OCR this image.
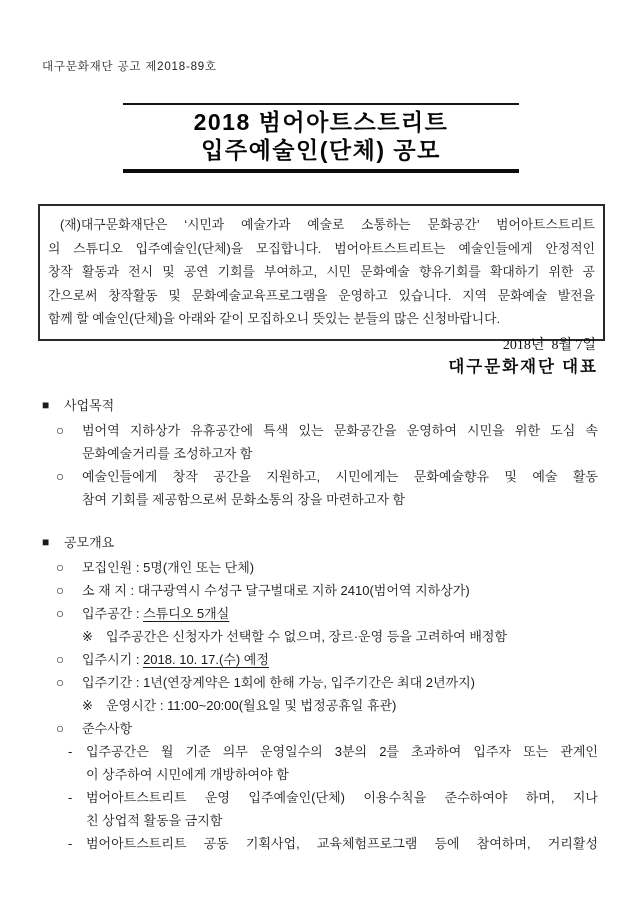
대구문화재단 공고 제2018-89호
2018 범어아트스트리트
입주예술인(단체) 공모
(재)대구문화재단은 ‘시민과 예술가과 예술로 소통하는 문화공간’ 범어아트스트리트
의 스튜디오 입주예술인(단체)을 모집합니다. 범어아트스트리트는 예술인들에게 안정적인
창작 활동과 전시 및 공연 기회를 부여하고, 시민 문화예술 향유기회를 확대하기 위한 공
간으로써 창작활동 및 문화예술교육프로그램을 운영하고 있습니다. 지역 문화예술 발전을
함께 할 예술인(단체)을 아래와 같이 모집하오니 뜻있는 분들의 많은 신청바랍니다.
2018년  8월 7일
대구문화재단 대표
■	사업목적
○	범어역 지하상가 유휴공간에 특색 있는 문화공간을 운영하여 시민을 위한 도심 속
문화예술거리를 조성하고자 함
○	예술인들에게 창작 공간을 지원하고, 시민에게는 문화예술향유 및 예술 활동
참여 기회를 제공함으로써 문화소통의 장을 마련하고자 함
■	공모개요
○	모집인원 : 5명(개인 또는 단체)
○	소 재 지 : 대구광역시 수성구 달구벌대로 지하 2410(범어역 지하상가)
○	입주공간 : 스튜디오 5개실
※	입주공간은 신청자가 선택할 수 없으며, 장르·운영 등을 고려하여 배정함
○	입주시기 : 2018. 10. 17.(수) 예정
○	입주기간 : 1년(연장계약은 1회에 한해 가능, 입주기간은 최대 2년까지)
※	운영시간 : 11:00~20:00(월요일 및 법정공휴일 휴관)
○	준수사항
-	입주공간은 월 기준 의무 운영일수의 3분의 2를 초과하여 입주자 또는 관계인
이 상주하여 시민에게 개방하여야 함
-	범어아트스트리트 운영 입주예술인(단체) 이용수칙을 준수하여야 하며, 지나
친 상업적 활동을 금지함
-	범어아트스트리트 공동 기획사업, 교육체험프로그램 등에 참여하며, 거리활성
